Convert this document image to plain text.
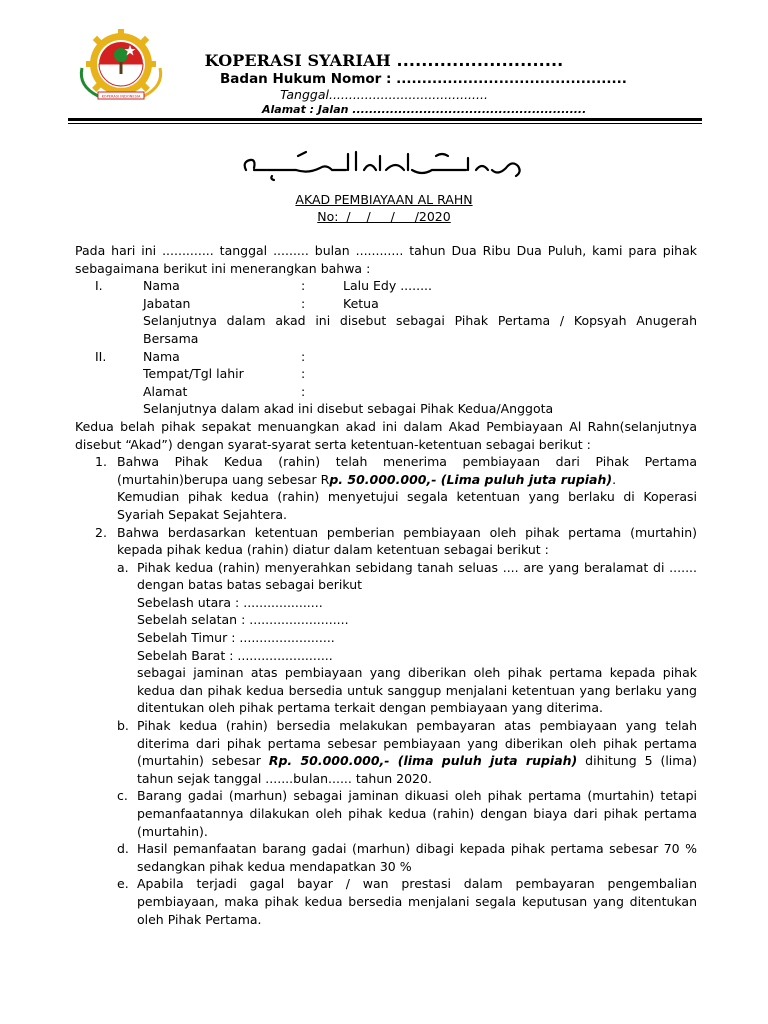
KOPERASI INDONESIA
KOPERASI SYARIAH ...........................
Badan Hukum Nomor : .............................................
Tanggal........................................
Alamat : Jalan ........................................................
AKAD PEMBIAYAAN AL RAHN
No:  /    /     /     /2020

Pada hari ini ............. tanggal ......... bulan ............ tahun Dua Ribu Dua Puluh, kami para pihak sebagaimana berikut ini menerangkan bahwa :

I.	Nama	:	Lalu Edy ........
Jabatan	:	Ketua

Selanjutnya dalam akad ini disebut sebagai Pihak Pertama / Kopsyah Anugerah Bersama

II.	Nama	:
Tempat/Tgl lahir	:
Alamat	:

Selanjutnya dalam akad ini disebut sebagai Pihak Kedua/Anggota

Kedua belah pihak sepakat menuangkan akad ini dalam Akad Pembiayaan Al Rahn(selanjutnya disebut “Akad”) dengan syarat-syarat serta ketentuan-ketentuan sebagai berikut :

1. Bahwa Pihak Kedua (rahin) telah menerima pembiayaan dari Pihak Pertama (murtahin)berupa uang sebesar Rp. 50.000.000,- (Lima puluh juta rupiah).

Kemudian pihak kedua (rahin) menyetujui segala ketentuan yang berlaku di Koperasi Syariah Sepakat Sejahtera.

2. Bahwa berdasarkan ketentuan pemberian pembiayaan oleh pihak pertama (murtahin) kepada pihak kedua (rahin) diatur dalam ketentuan sebagai berikut :

a. Pihak kedua (rahin) menyerahkan sebidang tanah seluas .... are yang beralamat di ....... dengan batas batas sebagai berikut

Sebelash utara : ....................

Sebelah selatan : .........................

Sebelah Timur : ........................

Sebelah Barat : ........................

sebagai jaminan atas pembiayaan yang diberikan oleh pihak pertama kepada pihak kedua dan pihak kedua bersedia untuk sanggup menjalani ketentuan yang berlaku yang ditentukan oleh pihak pertama terkait dengan pembiayaan yang diterima.

b. Pihak kedua (rahin) bersedia melakukan pembayaran atas pembiayaan yang telah diterima dari pihak pertama sebesar pembiayaan yang diberikan oleh pihak pertama (murtahin) sebesar Rp. 50.000.000,- (lima puluh juta rupiah) dihitung 5 (lima) tahun sejak tanggal .......bulan...... tahun 2020.

c. Barang gadai (marhun) sebagai jaminan dikuasi oleh pihak pertama (murtahin) tetapi pemanfaatannya dilakukan oleh pihak kedua (rahin) dengan biaya dari pihak pertama (murtahin).

d. Hasil pemanfaatan barang gadai (marhun) dibagi kepada pihak pertama sebesar 70 % sedangkan pihak kedua mendapatkan 30 %

e. Apabila terjadi gagal bayar / wan prestasi dalam pembayaran pengembalian pembiayaan, maka pihak kedua bersedia menjalani segala keputusan yang ditentukan oleh Pihak Pertama.
